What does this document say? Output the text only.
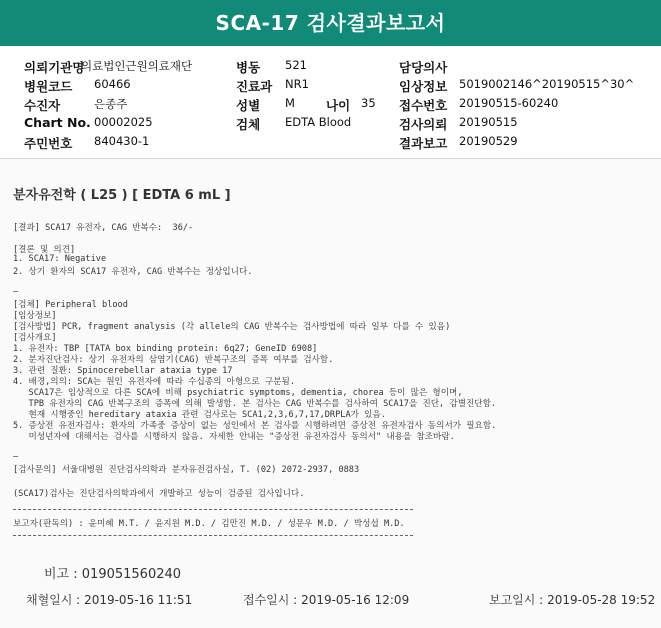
SCA-17 검사결과보고서
의뢰기관명
의료법인근원의료재단
병원코드 60466
수진자	은종주
Chart No. 00002025
주민번호 840430-1
병동 521
진료과 NR1
성별 M 나이 35
검체 EDTA Blood
담당의사
임상정보 5019002146^20190515^30^
접수번호 20190515-60240
검사의뢰 20190515
결과보고 20190529
분자유전학 ( L25 ) [ EDTA 6 mL ]
[결과] SCA17 유전자, CAG 반복수:  36/-
[결론 및 의견]
1. SCA17: Negative
2. 상기 환자의 SCA17 유전자, CAG 반복수는 정상입니다.
—
[검체] Peripheral blood
[임상정보]
[검사방법] PCR, fragment analysis (각 allele의 CAG 반복수는 검사방법에 따라 일부 다를 수 있음)
[검사개요]
1. 유전자: TBP [TATA box binding protein: 6q27; GeneID 6908]
2. 분자진단검사: 상기 유전자의 삼염기(CAG) 반복구조의 증폭 여부를 검사함.
3. 관련 질환: Spinocerebellar ataxia type 17
4. 배경,의의: SCA는 원인 유전자에 따라 수십종의 아형으로 구분됨.
SCA17은 임상적으로 다른 SCA에 비해 psychiatric symptoms, dementia, chorea 등이 많은 형이며,
TPB 유전자의 CAG 반복구조의 증폭에 의해 발생함. 본 검사는 CAG 반복수를 검사하여 SCA17을 진단, 감별진단함.
현재 시행중인 hereditary ataxia 관련 검사로는 SCA1,2,3,6,7,17,DRPLA가 있음.
5. 증상전 유전자검사: 환자의 가족중 증상이 없는 성인에서 본 검사를 시행하려면 증상전 유전자검사 동의서가 필요함.
미성년자에 대해서는 검사를 시행하지 않음. 자세한 안내는 "증상전 유전자검사 동의서" 내용을 참조바람.
—
[검사문의] 서울대병원 진단검사의학과 분자유전검사실, T. (02) 2072-2937, 0883
(SCA17)검사는 진단검사의학과에서 개발하고 성능이 검증된 검사입니다.
보고자(판독의) : 윤미혜 M.T. / 윤지원 M.D. / 김만진 M.D. / 성문우 M.D. / 박성섭 M.D.
비고 : 019051560240
채혈일시 : 2019-05-16 11:51	접수일시 : 2019-05-16 12:09	보고일시 : 2019-05-28 19:52
